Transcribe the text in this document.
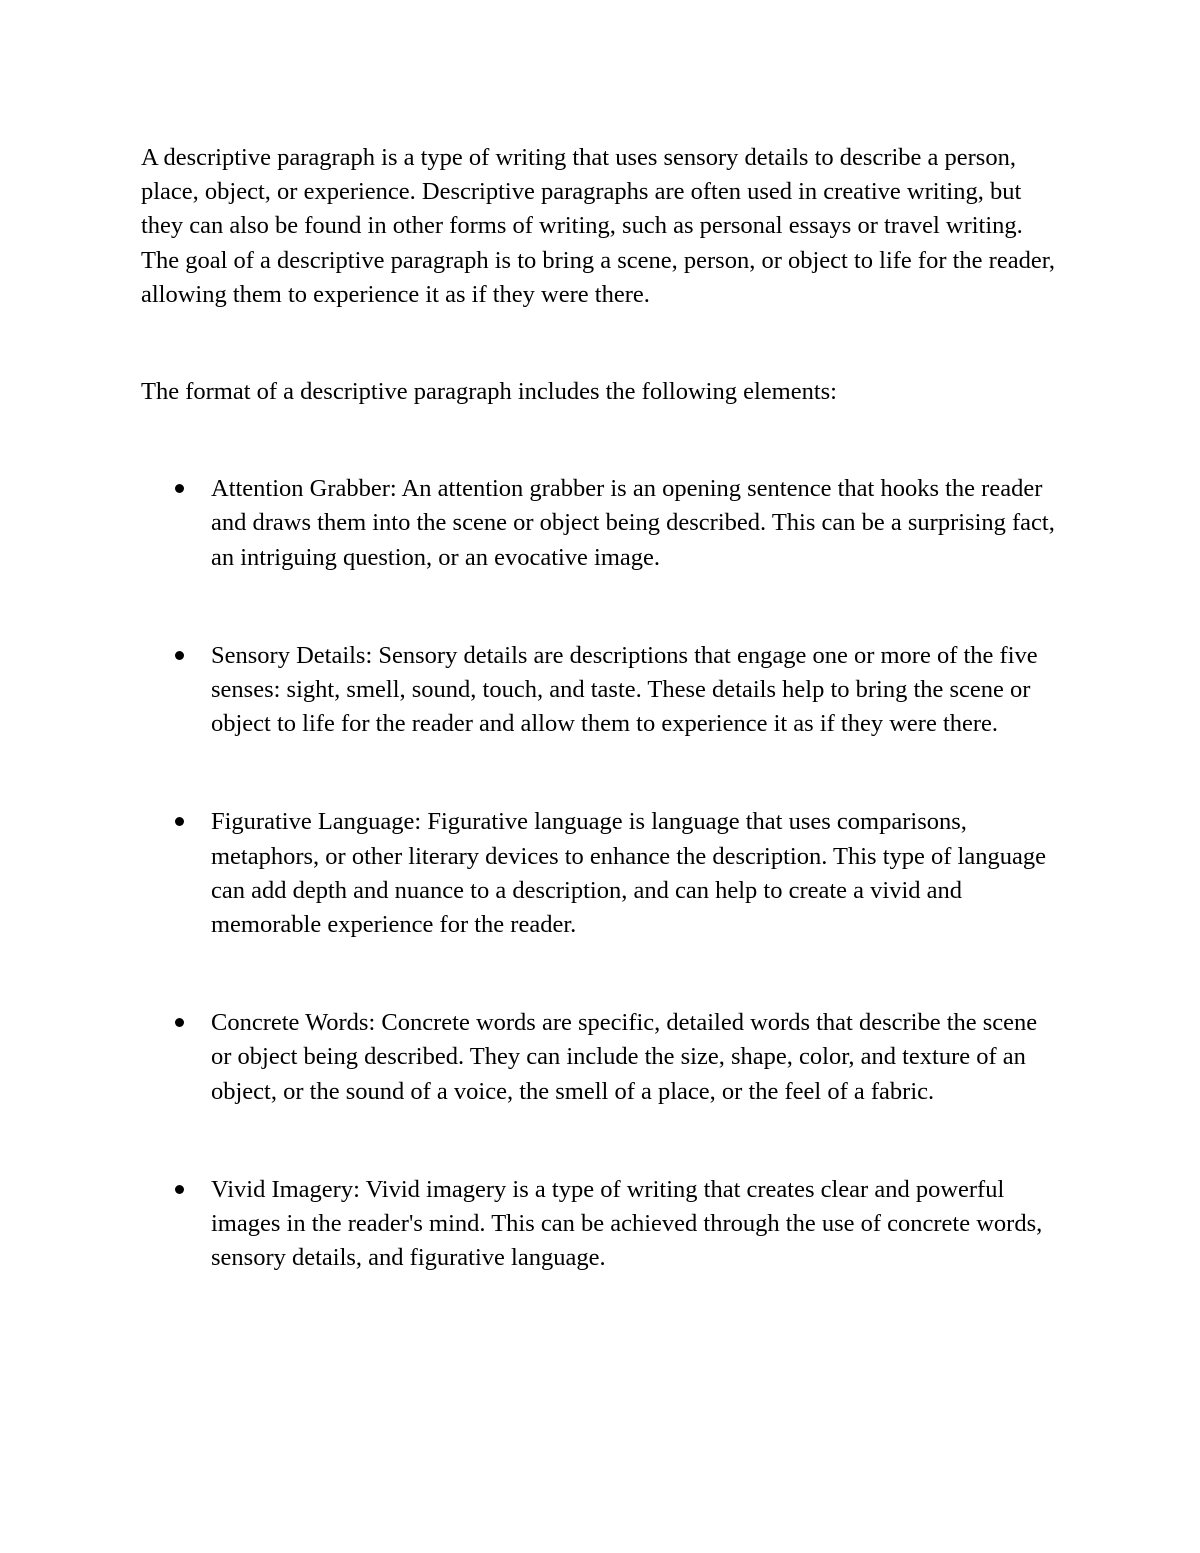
A descriptive paragraph is a type of writing that uses sensory details to describe a person, place, object, or experience. Descriptive paragraphs are often used in creative writing, but they can also be found in other forms of writing, such as personal essays or travel writing. The goal of a descriptive paragraph is to bring a scene, person, or object to life for the reader, allowing them to experience it as if they were there.

The format of a descriptive paragraph includes the following elements:

Attention Grabber: An attention grabber is an opening sentence that hooks the reader and draws them into the scene or object being described. This can be a surprising fact, an intriguing question, or an evocative image.
Sensory Details: Sensory details are descriptions that engage one or more of the five senses: sight, smell, sound, touch, and taste. These details help to bring the scene or object to life for the reader and allow them to experience it as if they were there.
Figurative Language: Figurative language is language that uses comparisons, metaphors, or other literary devices to enhance the description. This type of language can add depth and nuance to a description, and can help to create a vivid and memorable experience for the reader.
Concrete Words: Concrete words are specific, detailed words that describe the scene or object being described. They can include the size, shape, color, and texture of an object, or the sound of a voice, the smell of a place, or the feel of a fabric.
Vivid Imagery: Vivid imagery is a type of writing that creates clear and powerful images in the reader's mind. This can be achieved through the use of concrete words, sensory details, and figurative language.
